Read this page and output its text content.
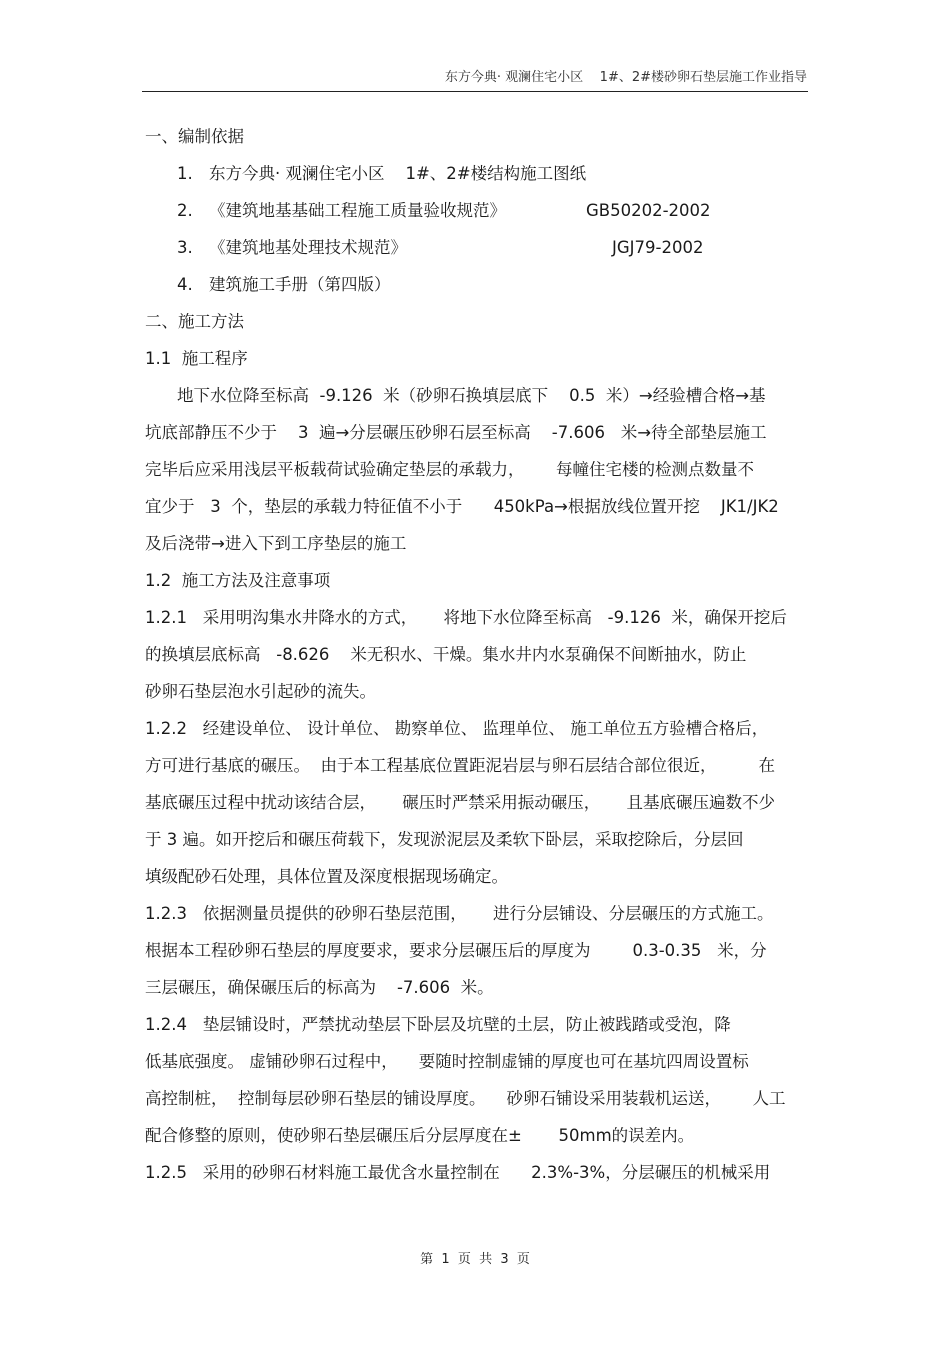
东方今典· 观澜住宅小区    1#、2#楼砂卵石垫层施工作业指导
一、编制依据
1. 东方今典· 观澜住宅小区    1#、2#楼结构施工图纸
2. 《建筑地基基础工程施工质量验收规范》	GB50202-2002
3. 《建筑地基处理技术规范》	JGJ79-2002
4. 建筑施工手册（第四版）
二、施工方法
1.1  施工程序
地下水位降至标高  -9.126  米（砂卵石换填层底下    0.5  米）→经验槽合格→基
坑底部静压不少于    3  遍→分层碾压砂卵石层至标高    -7.606   米→待全部垫层施工
完毕后应采用浅层平板载荷试验确定垫层的承载力，      每幢住宅楼的检测点数量不
宜少于   3  个，垫层的承载力特征值不小于      450kPa→根据放线位置开挖    JK1/JK2
及后浇带→进入下到工序垫层的施工
1.2  施工方法及注意事项
1.2.1   采用明沟集水井降水的方式，     将地下水位降至标高   -9.126  米，确保开挖后
的换填层底标高   -8.626    米无积水、干燥。集水井内水泵确保不间断抽水，防止
砂卵石垫层泡水引起砂的流失。
1.2.2   经建设单位、 设计单位、 勘察单位、 监理单位、 施工单位五方验槽合格后，
方可进行基底的碾压。  由于本工程基底位置距泥岩层与卵石层结合部位很近，        在
基底碾压过程中扰动该结合层，     碾压时严禁采用振动碾压，     且基底碾压遍数不少
于 3 遍。如开挖后和碾压荷载下，发现淤泥层及柔软下卧层，采取挖除后，分层回
填级配砂石处理，具体位置及深度根据现场确定。
1.2.3   依据测量员提供的砂卵石垫层范围，     进行分层铺设、分层碾压的方式施工。
根据本工程砂卵石垫层的厚度要求，要求分层碾压后的厚度为        0.3-0.35   米，分
三层碾压，确保碾压后的标高为    -7.606  米。
1.2.4   垫层铺设时，严禁扰动垫层下卧层及坑壁的土层，防止被践踏或受泡，降
低基底强度。 虚铺砂卵石过程中，    要随时控制虚铺的厚度也可在基坑四周设置标
高控制桩，  控制每层砂卵石垫层的铺设厚度。    砂卵石铺设采用装载机运送，      人工
配合修整的原则，使砂卵石垫层碾压后分层厚度在±       50mm的误差内。
1.2.5   采用的砂卵石材料施工最优含水量控制在      2.3%-3%，分层碾压的机械采用
第  1  页  共  3  页
